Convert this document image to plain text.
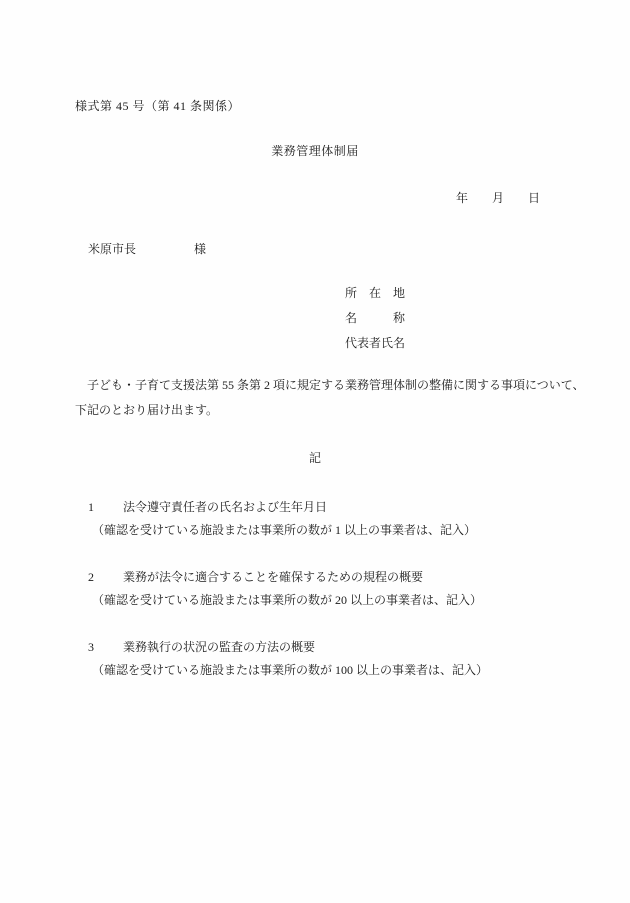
様式第 45 号（第 41 条関係）
業務管理体制届
年　　月　　日
米原市長	様
所　在　地
名　　　称
代表者氏名
　子ども・子育て支援法第 55 条第 2 項に規定する業務管理体制の整備に関する事項について、
下記のとおり届け出ます。
記
1 法令遵守責任者の氏名および生年月日
（確認を受けている施設または事業所の数が 1 以上の事業者は、記入）
2 業務が法令に適合することを確保するための規程の概要
（確認を受けている施設または事業所の数が 20 以上の事業者は、記入）
3 業務執行の状況の監査の方法の概要
（確認を受けている施設または事業所の数が 100 以上の事業者は、記入）
